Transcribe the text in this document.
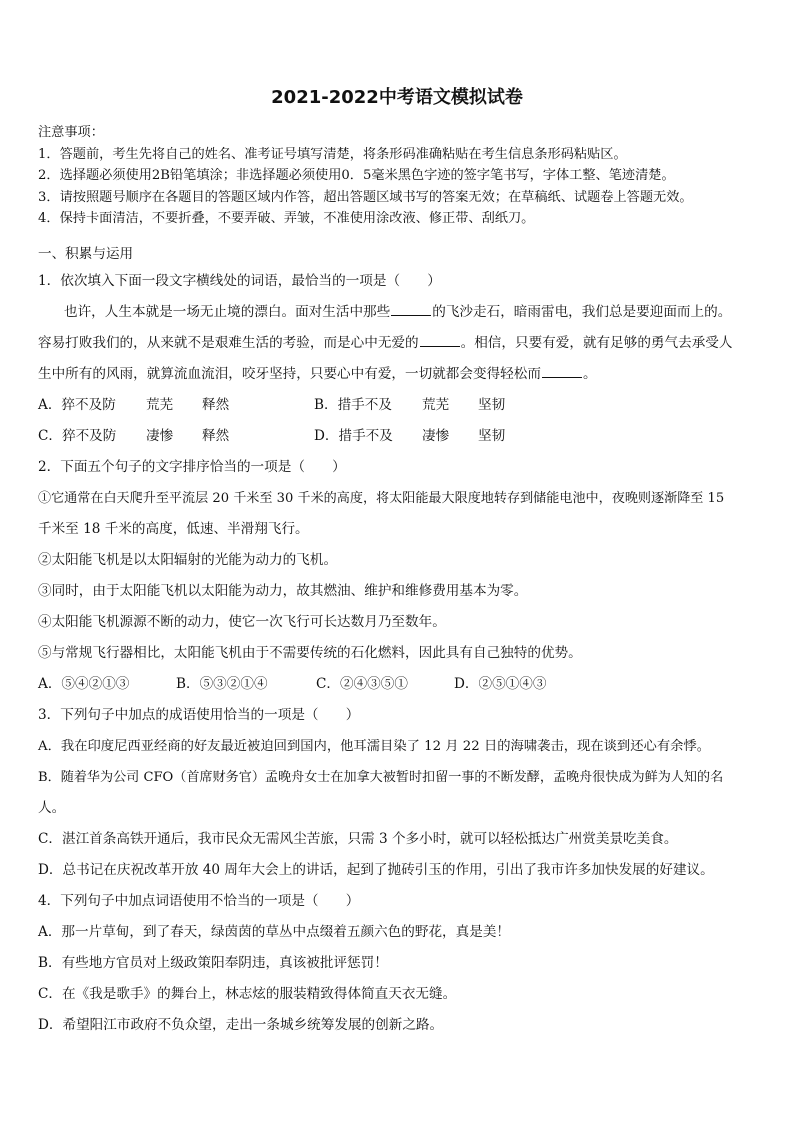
2021-2022中考语文模拟试卷
注意事项：
1．答题前，考生先将自己的姓名、准考证号填写清楚，将条形码准确粘贴在考生信息条形码粘贴区。
2．选择题必须使用2B铅笔填涂；非选择题必须使用0．5毫米黑色字迹的签字笔书写，字体工整、笔迹清楚。
3．请按照题号顺序在各题目的答题区域内作答，超出答题区域书写的答案无效；在草稿纸、试题卷上答题无效。
4．保持卡面清洁，不要折叠，不要弄破、弄皱，不准使用涂改液、修正带、刮纸刀。
一、积累与运用
1．依次填入下面一段文字横线处的词语，最恰当的一项是（　　）
也许，人生本就是一场无止境的漂白。面对生活中那些	的飞沙走石，暗雨雷电，我们总是要迎面而上的。
容易打败我们的，从来就不是艰难生活的考验，而是心中无爱的	。相信，只要有爱，就有足够的勇气去承受人
生中所有的风雨，就算流血流泪，咬牙坚持，只要心中有爱，一切就都会变得轻松而	。
A．猝不及防 荒芜 释然	B．措手不及 荒芜 坚韧
C．猝不及防 凄惨 释然	D．措手不及 凄惨 坚韧
2．下面五个句子的文字排序恰当的一项是（　　）
①它通常在白天爬升至平流层 20 千米至 30 千米的高度，将太阳能最大限度地转存到储能电池中，夜晚则逐渐降至 15
千米至 18 千米的高度，低速、半滑翔飞行。
②太阳能飞机是以太阳辐射的光能为动力的飞机。
③同时，由于太阳能飞机以太阳能为动力，故其燃油、维护和维修费用基本为零。
④太阳能飞机源源不断的动力，使它一次飞行可长达数月乃至数年。
⑤与常规飞行器相比，太阳能飞机由于不需要传统的石化燃料，因此具有自己独特的优势。
A．⑤④②①③	B．⑤③②①④	C．②④③⑤①	D．②⑤①④③
3．下列句子中加点的成语使用恰当的一项是（　　）
A．我在印度尼西亚经商的好友最近被迫回到国内，他耳濡目染了 12 月 22 日的海啸袭击，现在谈到还心有余悸。
B．随着华为公司 CFO（首席财务官）孟晚舟女士在加拿大被暂时扣留一事的不断发酵，孟晚舟很快成为鲜为人知的名
人。
C．湛江首条高铁开通后，我市民众无需风尘苦旅，只需 3 个多小时，就可以轻松抵达广州赏美景吃美食。
D．总书记在庆祝改革开放 40 周年大会上的讲话，起到了抛砖引玉的作用，引出了我市许多加快发展的好建议。
4．下列句子中加点词语使用不恰当的一项是（　　）
A．那一片草甸，到了春天，绿茵茵的草丛中点缀着五颜六色的野花，真是美！
B．有些地方官员对上级政策阳奉阴违，真该被批评惩罚！
C．在《我是歌手》的舞台上，林志炫的服装精致得体简直天衣无缝。
D．希望阳江市政府不负众望，走出一条城乡统筹发展的创新之路。
